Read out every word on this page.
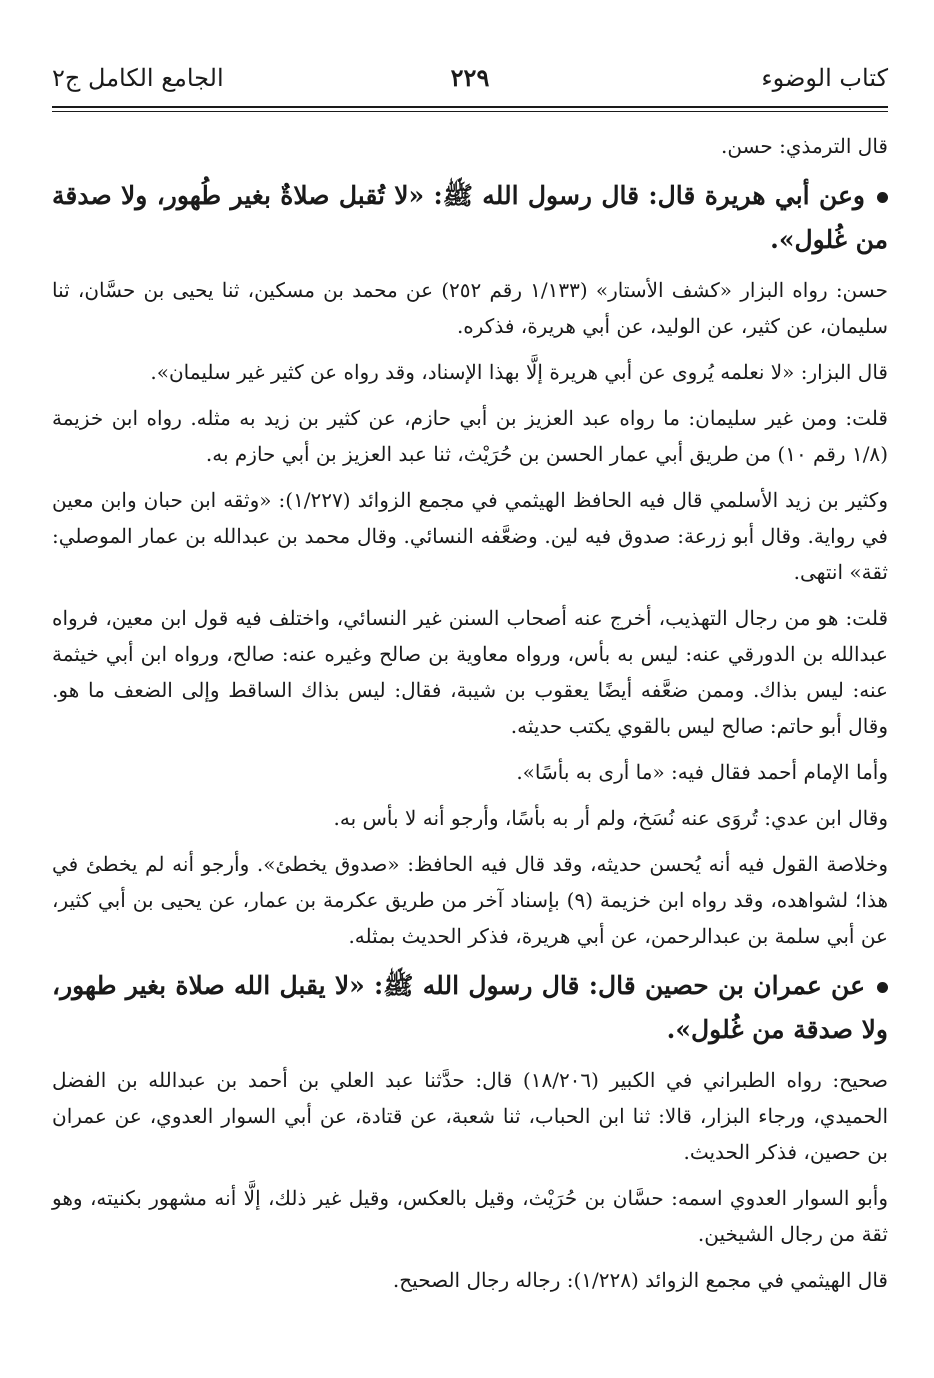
كتاب الوضوء
٢٢٩
الجامع الكامل ج٢

قال الترمذي: حسن.

وعن أبي هريرة قال: قال رسول الله ﷺ: «لا تُقبل صلاةٌ بغير طُهور، ولا صدقة من غُلول».

حسن: رواه البزار «كشف الأستار» (١/١٣٣ رقم ٢٥٢) عن محمد بن مسكين، ثنا يحيى بن حسَّان، ثنا سليمان، عن كثير، عن الوليد، عن أبي هريرة، فذكره.

قال البزار: «لا نعلمه يُروى عن أبي هريرة إلَّا بهذا الإسناد، وقد رواه عن كثير غير سليمان».

قلت: ومن غير سليمان: ما رواه عبد العزيز بن أبي حازم، عن كثير بن زيد به مثله. رواه ابن خزيمة (١/٨ رقم ١٠) من طريق أبي عمار الحسن بن حُرَيْث، ثنا عبد العزيز بن أبي حازم به.

وكثير بن زيد الأسلمي قال فيه الحافظ الهيثمي في مجمع الزوائد (١/٢٢٧): «وثقه ابن حبان وابن معين في رواية. وقال أبو زرعة: صدوق فيه لين. وضعَّفه النسائي. وقال محمد بن عبدالله بن عمار الموصلي: ثقة» انتهى.

قلت: هو من رجال التهذيب، أخرج عنه أصحاب السنن غير النسائي، واختلف فيه قول ابن معين، فرواه عبدالله بن الدورقي عنه: ليس به بأس، ورواه معاوية بن صالح وغيره عنه: صالح، ورواه ابن أبي خيثمة عنه: ليس بذاك. وممن ضعَّفه أيضًا يعقوب بن شيبة، فقال: ليس بذاك الساقط وإلى الضعف ما هو. وقال أبو حاتم: صالح ليس بالقوي يكتب حديثه.

وأما الإمام أحمد فقال فيه: «ما أرى به بأسًا».

وقال ابن عدي: تُروَى عنه نُسَخ، ولم أر به بأسًا، وأرجو أنه لا بأس به.

وخلاصة القول فيه أنه يُحسن حديثه، وقد قال فيه الحافظ: «صدوق يخطئ». وأرجو أنه لم يخطئ في هذا؛ لشواهده، وقد رواه ابن خزيمة (٩) بإسناد آخر من طريق عكرمة بن عمار، عن يحيى بن أبي كثير، عن أبي سلمة بن عبدالرحمن، عن أبي هريرة، فذكر الحديث بمثله.

عن عمران بن حصين قال: قال رسول الله ﷺ: «لا يقبل الله صلاة بغير طهور، ولا صدقة من غُلول».

صحيح: رواه الطبراني في الكبير (١٨/٢٠٦) قال: حدَّثنا عبد العلي بن أحمد بن عبدالله بن الفضل الحميدي، ورجاء البزار، قالا: ثنا ابن الحباب، ثنا شعبة، عن قتادة، عن أبي السوار العدوي، عن عمران بن حصين، فذكر الحديث.

وأبو السوار العدوي اسمه: حسَّان بن حُرَيْث، وقيل بالعكس، وقيل غير ذلك، إلَّا أنه مشهور بكنيته، وهو ثقة من رجال الشيخين.

قال الهيثمي في مجمع الزوائد (١/٢٢٨): رجاله رجال الصحيح.
